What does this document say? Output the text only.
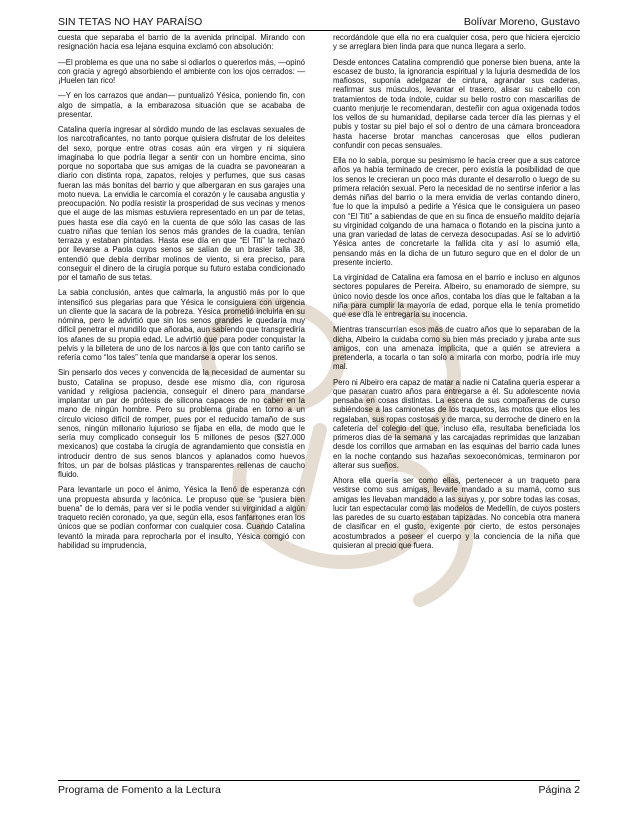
SIN TETAS NO HAY PARAÍSO	Bolívar Moreno, Gustavo

cuesta que separaba el barrio de la avenida principal. Mirando con resignación hacia esa lejana esquina exclamó con absolución:

—El problema es que una no sabe si odiarlos o quererlos más, —opinó con gracia y agregó absorbiendo el ambiente con los ojos cerrados: —¡Huelen tan rico!

—Y en los carrazos que andan— puntualizó Yésica, poniendo fin, con algo de simpatía, a la embarazosa situación que se acababa de presentar.

Catalina quería ingresar al sórdido mundo de las esclavas sexuales de los narcotraficantes, no tanto porque quisiera disfrutar de los deleites del sexo, porque entre otras cosas aún era virgen y ni siquiera imaginaba lo que podría llegar a sentir con un hombre encima, sino porque no soportaba que sus amigas de la cuadra se pavonearan a diario con distinta ropa, zapatos, relojes y perfumes, que sus casas fueran las más bonitas del barrio y que albergaran en sus garajes una moto nueva. La envidia le carcomía el corazón y le causaba angustia y preocupación. No podía resistir la prosperidad de sus vecinas y menos que el auge de las mismas estuviera representado en un par de tetas, pues hasta ese día cayó en la cuenta de que sólo las casas de las cuatro niñas que tenían los senos más grandes de la cuadra, tenían terraza y estaban pintadas. Hasta ese día en que “El Titi” la rechazó por llevarse a Paola cuyos senos se salían de un brasier talla 38, entendió que debía derribar molinos de viento, si era preciso, para conseguir el dinero de la cirugía porque su futuro estaba condicionado por el tamaño de sus tetas.

La sabia conclusión, antes que calmarla, la angustió más por lo que intensificó sus plegarias para que Yésica le consiguiera con urgencia un cliente que la sacara de la pobreza. Yésica prometió incluirla en su nómina, pero le advirtió que sin los senos grandes le quedaría muy difícil penetrar el mundillo que añoraba, aun sabiendo que transgrediría los afanes de su propia edad. Le advirtió que para poder conquistar la pelvis y la billetera de uno de los narcos a los que con tanto cariño se refería como “los tales” tenía que mandarse a operar los senos.

Sin pensarlo dos veces y convencida de la necesidad de aumentar su busto, Catalina se propuso, desde ese mismo día, con rigurosa vanidad y religiosa paciencia, conseguir el dinero para mandarse implantar un par de prótesis de silicona capaces de no caber en la mano de ningún hombre. Pero su problema giraba en torno a un círculo vicioso difícil de romper, pues por el reducido tamaño de sus senos, ningún millonario lujurioso se fijaba en ella, de modo que le sería muy complicado conseguir los 5 millones de pesos ($27.000 mexicanos) que costaba la cirugía de agrandamiento que consistía en introducir dentro de sus senos blancos y aplanados como huevos fritos, un par de bolsas plásticas y transparentes rellenas de caucho fluido.

Para levantarle un poco el ánimo, Yésica la llenó de esperanza con una propuesta absurda y lacónica. Le propuso que se “pusiera bien buena” de lo demás, para ver si le podía vender su virginidad a algún traqueto recién coronado, ya que, según ella, esos fanfarrones eran los únicos que se podían conformar con cualquier cosa. Cuando Catalina levantó la mirada para reprocharla por el insulto, Yésica corrigió con habilidad su imprudencia,

recordándole que ella no era cualquier cosa, pero que hiciera ejercicio y se arreglara bien linda para que nunca llegara a serlo.

Desde entonces Catalina comprendió que ponerse bien buena, ante la escasez de busto, la ignorancia espiritual y la lujuria desmedida de los mafiosos, suponía adelgazar de cintura, agrandar sus caderas, reafirmar sus músculos, levantar el trasero, alisar su cabello con tratamientos de toda índole, cuidar su bello rostro con mascarillas de cuanto menjurje le recomendaran, desteñir con agua oxigenada todos los vellos de su humanidad, depilarse cada tercer día las piernas y el pubis y tostar su piel bajo el sol o dentro de una cámara bronceadora hasta hacerse brotar manchas cancerosas que ellos pudieran confundir con pecas sensuales.

Ella no lo sabía, porque su pesimismo le hacía creer que a sus catorce años ya había terminado de crecer, pero existía la posibilidad de que los senos le crecieran un poco más durante el desarrollo o luego de su primera relación sexual. Pero la necesidad de no sentirse inferior a las demás niñas del barrio o la mera envidia de verlas contando dinero, fue lo que la impulsó a pedirle a Yésica que le consiguiera un paseo con “El Titi” a sabiendas de que en su finca de ensueño maldito dejaría su virginidad colgando de una hamaca o flotando en la piscina junto a una gran variedad de latas de cerveza desocupadas. Así se lo advirtió Yésica antes de concretarle la fallida cita y así lo asumió ella, pensando más en la dicha de un futuro seguro que en el dolor de un presente incierto.

La virginidad de Catalina era famosa en el barrio e incluso en algunos sectores populares de Pereira. Albeiro, su enamorado de siempre, su único novio desde los once años, contaba los días que le faltaban a la niña para cumplir la mayoría de edad, porque ella le tenía prometido que ese día le entregaría su inocencia.

Mientras transcurrían esos más de cuatro años que lo separaban de la dicha, Albeiro la cuidaba como su bien más preciado y juraba ante sus amigos, con una amenaza implícita, que a quién se atreviera a pretenderla, a tocarla o tan solo a mirarla con morbo, podría irle muy mal.

Pero ni Albeiro era capaz de matar a nadie ni Catalina quería esperar a que pasaran cuatro años para entregarse a él. Su adolescente novia pensaba en cosas distintas. La escena de sus compañeras de curso subiéndose a las camionetas de los traquetos, las motos que ellos les regalaban, sus ropas costosas y de marca, su derroche de dinero en la cafetería del colegio del que, incluso ella, resultaba beneficiada los primeros días de la semana y las carcajadas reprimidas que lanzaban desde los corrillos que armaban en las esquinas del barrio cada lunes en la noche contando sus hazañas sexoeconómicas, terminaron por alterar sus sueños.

Ahora ella quería ser como ellas, pertenecer a un traqueto para vestirse como sus amigas, llevarle mandado a su mamá, como sus amigas les llevaban mandado a las suyas y, por sobre todas las cosas, lucir tan espectacular como las modelos de Medellín, de cuyos posters las paredes de su cuarto estaban tapizadas. No concebía otra manera de clasificar en el gusto, exigente por cierto, de estos personajes acostumbrados a poseer el cuerpo y la conciencia de la niña que quisieran al precio que fuera.

Programa de Fomento a la Lectura	Página 2
